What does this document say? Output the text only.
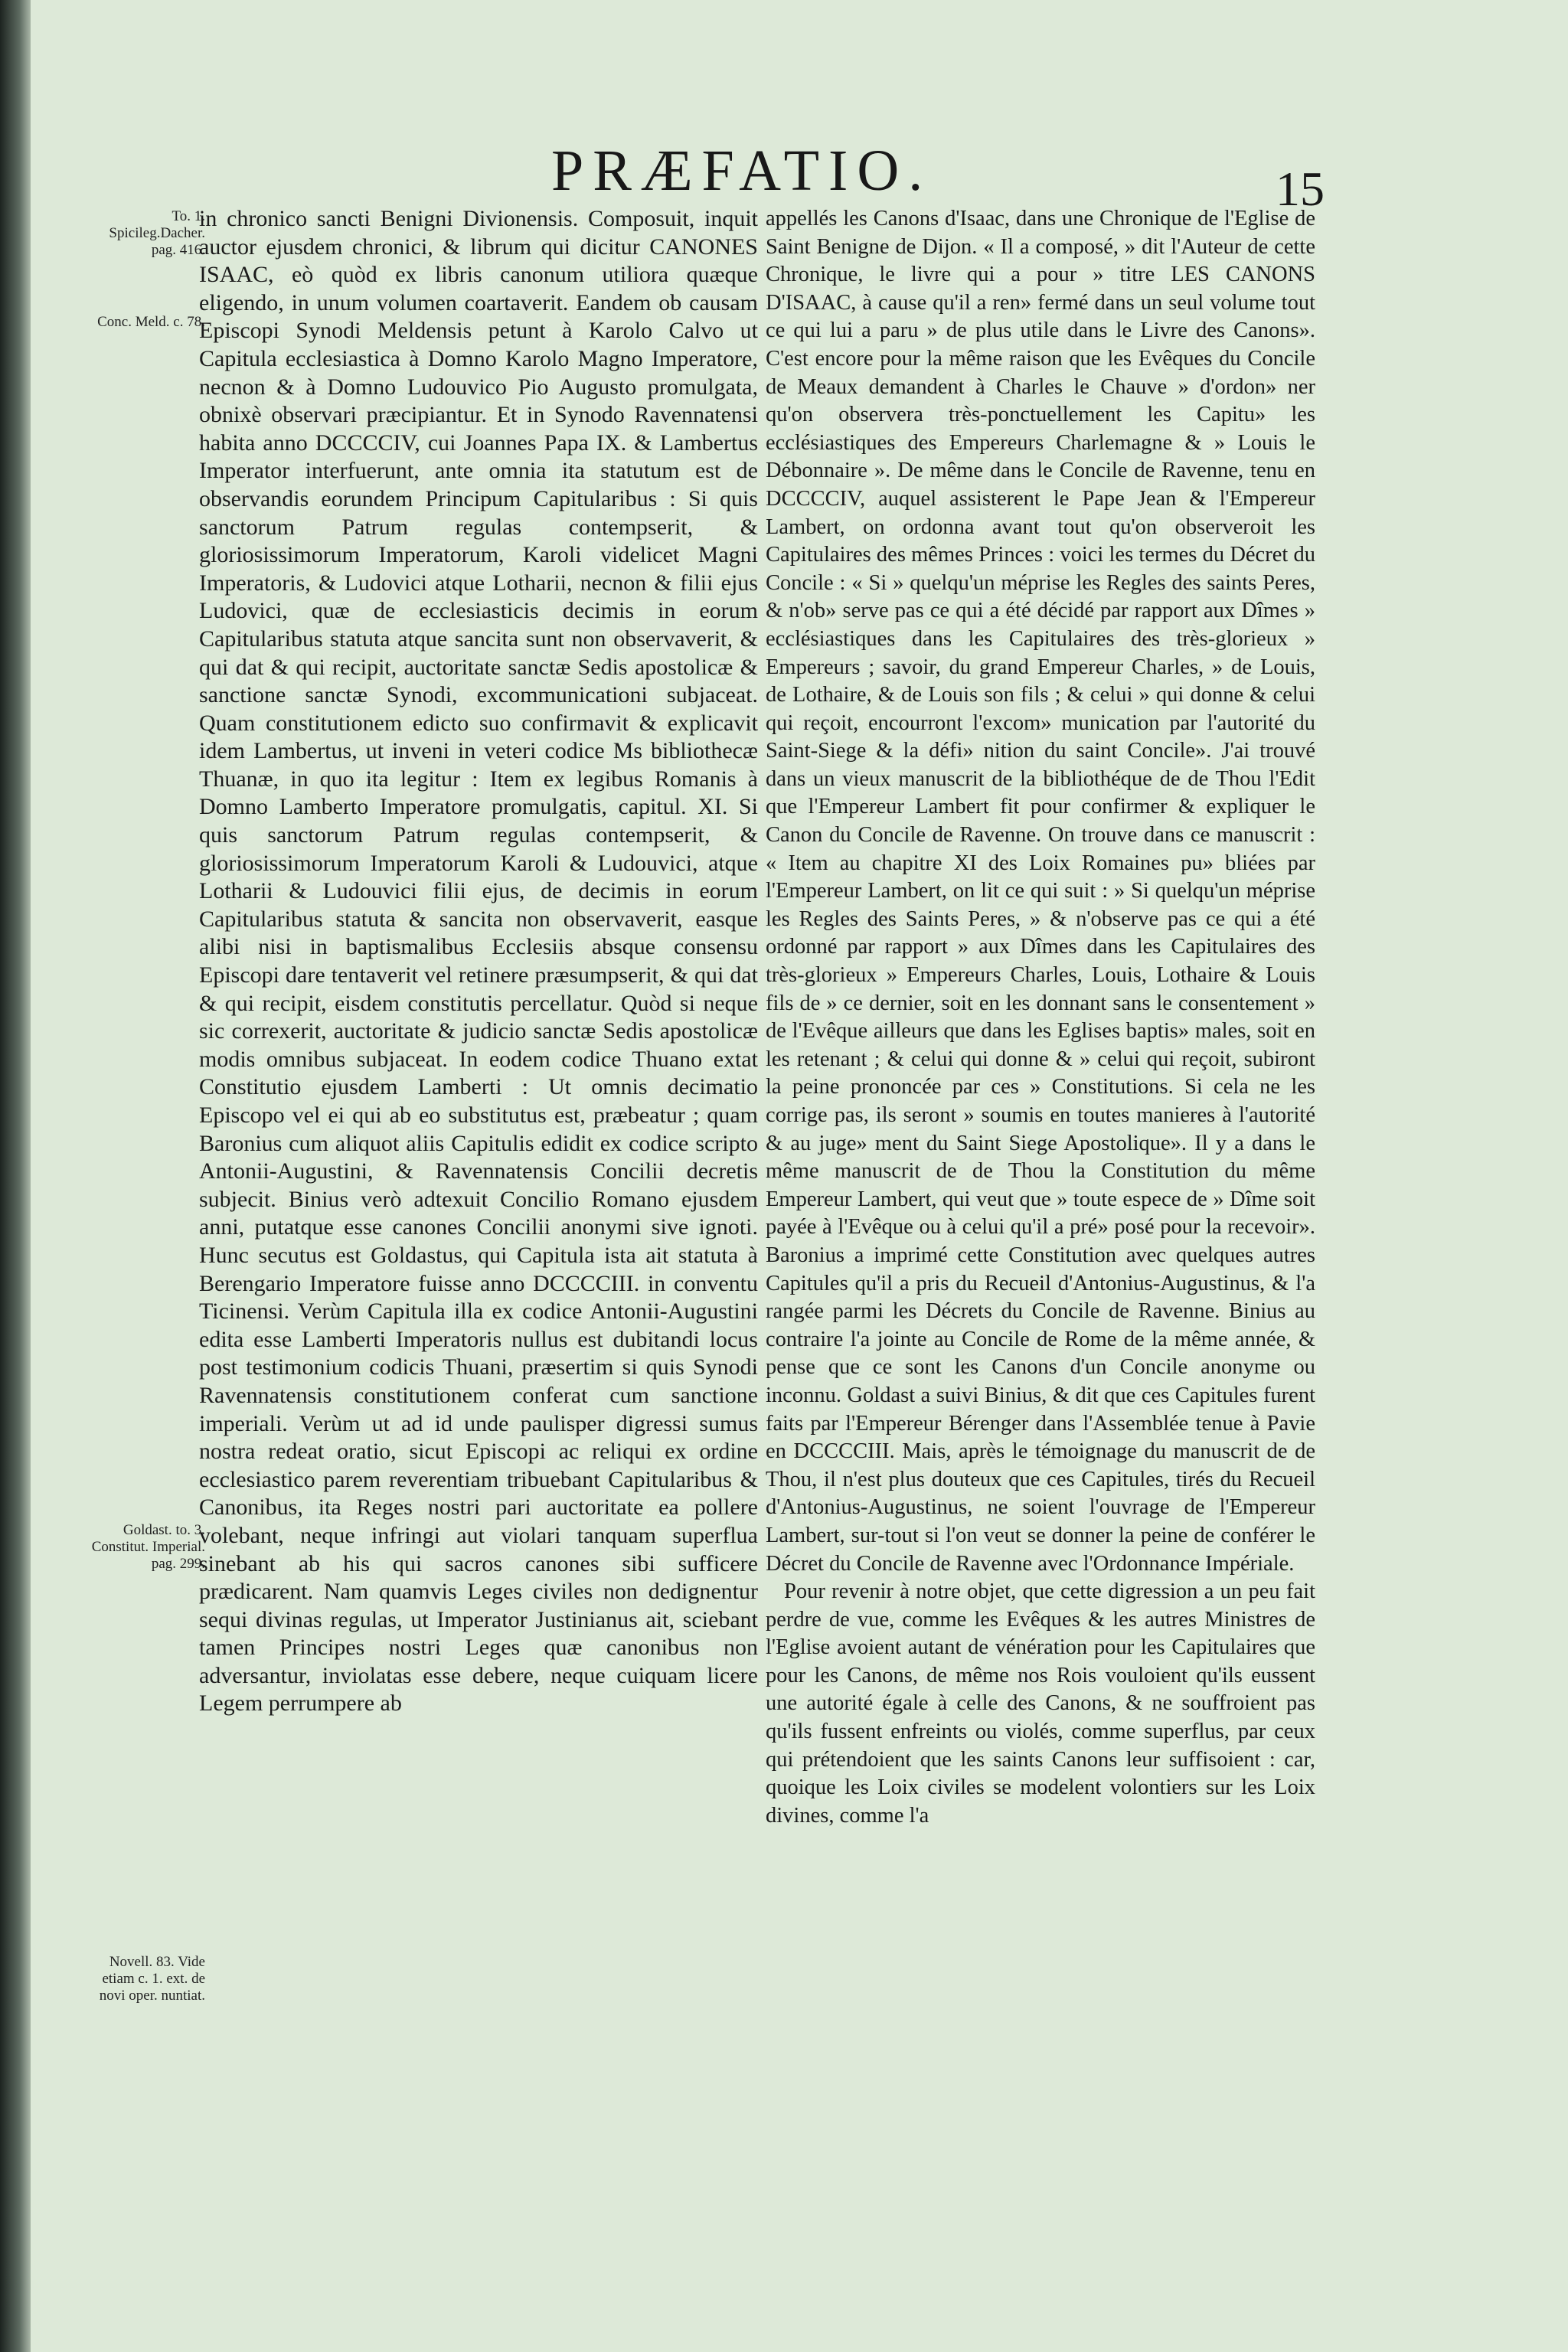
PRÆFATIO.	15
To. 1. Spicileg.Dacher. pag. 416.
Conc. Meld. c. 78.
Goldast. to. 3. Constitut. Imperial. pag. 299.
Novell. 83. Vide etiam c. 1. ext. de novi oper. nuntiat.

in chronico sancti Benigni Divionensis. Composuit, inquit auctor ejusdem chronici, & librum qui dicitur CANONES ISAAC, eò quòd ex libris canonum utiliora quæque eligendo, in unum volumen coartaverit. Eandem ob causam Episcopi Synodi Meldensis petunt à Karolo Calvo ut Capitula ecclesiastica à Domno Karolo Magno Imperatore, necnon & à Domno Ludouvico Pio Augusto promulgata, obnixè observari præcipiantur. Et in Synodo Ravennatensi habita anno DCCCCIV, cui Joannes Papa IX. & Lambertus Imperator interfuerunt, ante omnia ita statutum est de observandis eorundem Principum Capitularibus : Si quis sanctorum Patrum regulas contempserit, & gloriosissimorum Imperatorum, Karoli videlicet Magni Imperatoris, & Ludovici atque Lotharii, necnon & filii ejus Ludovici, quæ de ecclesiasticis decimis in eorum Capitularibus statuta atque sancita sunt non observaverit, & qui dat & qui recipit, auctoritate sanctæ Sedis apostolicæ & sanctione sanctæ Synodi, excommunicationi subjaceat. Quam constitutionem edicto suo confirmavit & explicavit idem Lambertus, ut inveni in veteri codice Ms bibliothecæ Thuanæ, in quo ita legitur : Item ex legibus Romanis à Domno Lamberto Imperatore promulgatis, capitul. XI. Si quis sanctorum Patrum regulas contempserit, & gloriosissimorum Imperatorum Karoli & Ludouvici, atque Lotharii & Ludouvici filii ejus, de decimis in eorum Capitularibus statuta & sancita non observaverit, easque alibi nisi in baptismalibus Ecclesiis absque consensu Episcopi dare tentaverit vel retinere præsumpserit, & qui dat & qui recipit, eisdem constitutis percellatur. Quòd si neque sic correxerit, auctoritate & judicio sanctæ Sedis apostolicæ modis omnibus subjaceat. In eodem codice Thuano extat Constitutio ejusdem Lamberti : Ut omnis decimatio Episcopo vel ei qui ab eo substitutus est, præbeatur ; quam Baronius cum aliquot aliis Capitulis edidit ex codice scripto Antonii-Augustini, & Ravennatensis Concilii decretis subjecit. Binius verò adtexuit Concilio Romano ejusdem anni, putatque esse canones Concilii anonymi sive ignoti. Hunc secutus est Goldastus, qui Capitula ista ait statuta à Berengario Imperatore fuisse anno DCCCCIII. in conventu Ticinensi. Verùm Capitula illa ex codice Antonii-Augustini edita esse Lamberti Imperatoris nullus est dubitandi locus post testimonium codicis Thuani, præsertim si quis Synodi Ravennatensis constitutionem conferat cum sanctione imperiali. Verùm ut ad id unde paulisper digressi sumus nostra redeat oratio, sicut Episcopi ac reliqui ex ordine ecclesiastico parem reverentiam tribuebant Capitularibus & Canonibus, ita Reges nostri pari auctoritate ea pollere volebant, neque infringi aut violari tanquam superflua sinebant ab his qui sacros canones sibi sufficere prædicarent. Nam quamvis Leges civiles non dedignentur sequi divinas regulas, ut Imperator Justinianus ait, sciebant tamen Principes nostri Leges quæ canonibus non adversantur, inviolatas esse debere, neque cuiquam licere Legem perrumpere ab

appellés les Canons d'Isaac, dans une Chronique de l'Eglise de Saint Benigne de Dijon. « Il a composé, » dit l'Auteur de cette Chronique, le livre qui a pour » titre LES CANONS D'ISAAC, à cause qu'il a ren» fermé dans un seul volume tout ce qui lui a paru » de plus utile dans le Livre des Canons». C'est encore pour la même raison que les Evêques du Concile de Meaux demandent à Charles le Chauve » d'ordon» ner qu'on observera très-ponctuellement les Capitu» les ecclésiastiques des Empereurs Charlemagne & » Louis le Débonnaire ». De même dans le Concile de Ravenne, tenu en DCCCCIV, auquel assisterent le Pape Jean & l'Empereur Lambert, on ordonna avant tout qu'on observeroit les Capitulaires des mêmes Princes : voici les termes du Décret du Concile : « Si » quelqu'un méprise les Regles des saints Peres, & n'ob» serve pas ce qui a été décidé par rapport aux Dîmes » ecclésiastiques dans les Capitulaires des très-glorieux » Empereurs ; savoir, du grand Empereur Charles, » de Louis, de Lothaire, & de Louis son fils ; & celui » qui donne & celui qui reçoit, encourront l'excom» munication par l'autorité du Saint-Siege & la défi» nition du saint Concile». J'ai trouvé dans un vieux manuscrit de la bibliothéque de de Thou l'Edit que l'Empereur Lambert fit pour confirmer & expliquer le Canon du Concile de Ravenne. On trouve dans ce manuscrit : « Item au chapitre XI des Loix Romaines pu» bliées par l'Empereur Lambert, on lit ce qui suit : » Si quelqu'un méprise les Regles des Saints Peres, » & n'observe pas ce qui a été ordonné par rapport » aux Dîmes dans les Capitulaires des très-glorieux » Empereurs Charles, Louis, Lothaire & Louis fils de » ce dernier, soit en les donnant sans le consentement » de l'Evêque ailleurs que dans les Eglises baptis» males, soit en les retenant ; & celui qui donne & » celui qui reçoit, subiront la peine prononcée par ces » Constitutions. Si cela ne les corrige pas, ils seront » soumis en toutes manieres à l'autorité & au juge» ment du Saint Siege Apostolique». Il y a dans le même manuscrit de de Thou la Constitution du même Empereur Lambert, qui veut que » toute espece de » Dîme soit payée à l'Evêque ou à celui qu'il a pré» posé pour la recevoir». Baronius a imprimé cette Constitution avec quelques autres Capitules qu'il a pris du Recueil d'Antonius-Augustinus, & l'a rangée parmi les Décrets du Concile de Ravenne. Binius au contraire l'a jointe au Concile de Rome de la même année, & pense que ce sont les Canons d'un Concile anonyme ou inconnu. Goldast a suivi Binius, & dit que ces Capitules furent faits par l'Empereur Bérenger dans l'Assemblée tenue à Pavie en DCCCCIII. Mais, après le témoignage du manuscrit de de Thou, il n'est plus douteux que ces Capitules, tirés du Recueil d'Antonius-Augustinus, ne soient l'ouvrage de l'Empereur Lambert, sur-tout si l'on veut se donner la peine de conférer le Décret du Concile de Ravenne avec l'Ordonnance Impériale.

Pour revenir à notre objet, que cette digression a un peu fait perdre de vue, comme les Evêques & les autres Ministres de l'Eglise avoient autant de vénération pour les Capitulaires que pour les Canons, de même nos Rois vouloient qu'ils eussent une autorité égale à celle des Canons, & ne souffroient pas qu'ils fussent enfreints ou violés, comme superflus, par ceux qui prétendoient que les saints Canons leur suffisoient : car, quoique les Loix civiles se modelent volontiers sur les Loix divines, comme l'a
